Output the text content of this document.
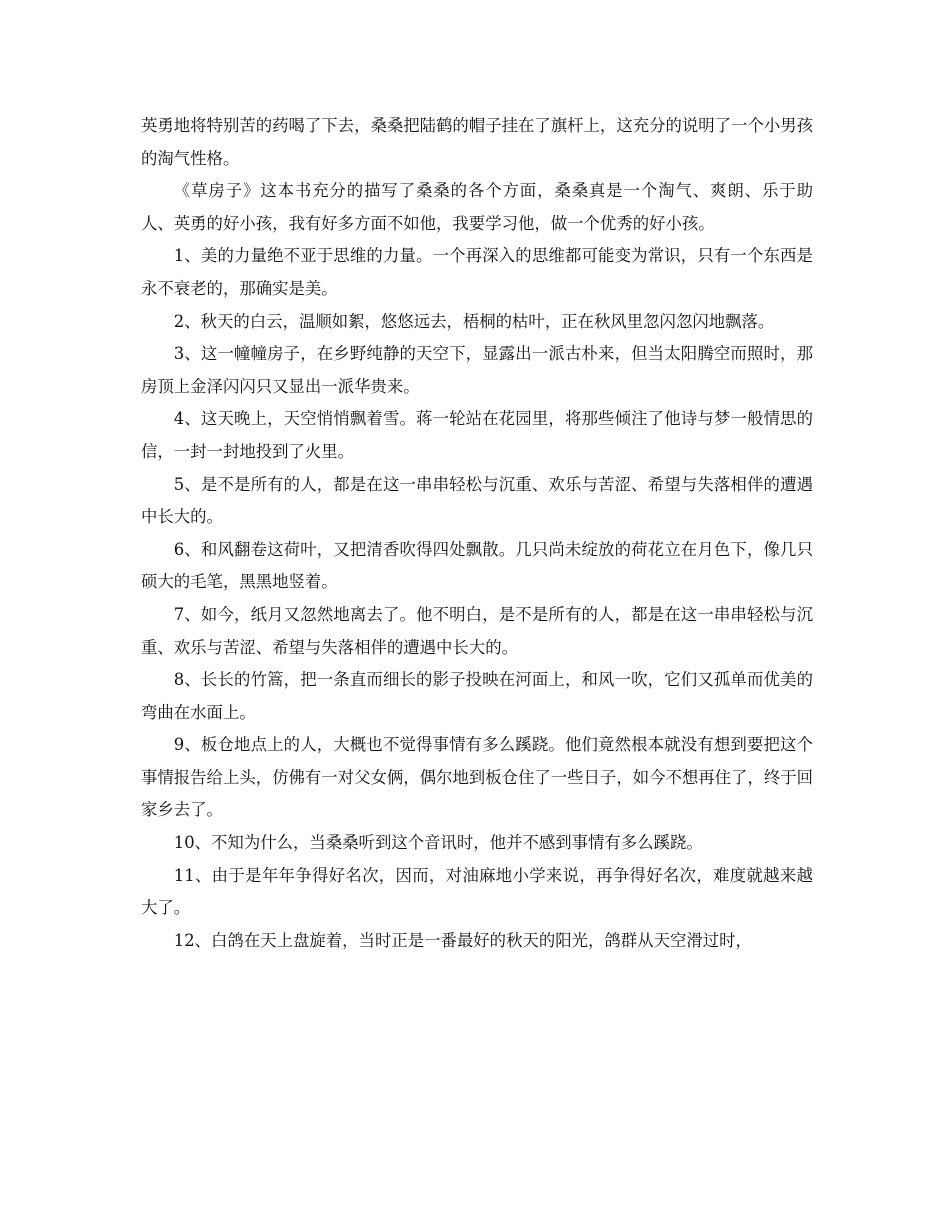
英勇地将特别苦的药喝了下去，桑桑把陆鹤的帽子挂在了旗杆上，这充分的说明了一个小男孩的淘气性格。

《草房子》这本书充分的描写了桑桑的各个方面，桑桑真是一个淘气、爽朗、乐于助人、英勇的好小孩，我有好多方面不如他，我要学习他，做一个优秀的好小孩。

1、美的力量绝不亚于思维的力量。一个再深入的思维都可能变为常识，只有一个东西是永不衰老的，那确实是美。

2、秋天的白云，温顺如絮，悠悠远去，梧桐的枯叶，正在秋风里忽闪忽闪地飘落。

3、这一幢幢房子，在乡野纯静的天空下，显露出一派古朴来，但当太阳腾空而照时，那房顶上金泽闪闪只又显出一派华贵来。

4、这天晚上，天空悄悄飘着雪。蒋一轮站在花园里，将那些倾注了他诗与梦一般情思的信，一封一封地投到了火里。

5、是不是所有的人，都是在这一串串轻松与沉重、欢乐与苦涩、希望与失落相伴的遭遇中长大的。

6、和风翻卷这荷叶，又把清香吹得四处飘散。几只尚未绽放的荷花立在月色下，像几只硕大的毛笔，黑黑地竖着。

7、如今，纸月又忽然地离去了。他不明白，是不是所有的人，都是在这一串串轻松与沉重、欢乐与苦涩、希望与失落相伴的遭遇中长大的。

8、长长的竹篙，把一条直而细长的影子投映在河面上，和风一吹，它们又孤单而优美的弯曲在水面上。

9、板仓地点上的人，大概也不觉得事情有多么蹊跷。他们竟然根本就没有想到要把这个事情报告给上头，仿佛有一对父女俩，偶尔地到板仓住了一些日子，如今不想再住了，终于回家乡去了。

10、不知为什么，当桑桑听到这个音讯时，他并不感到事情有多么蹊跷。

11、由于是年年争得好名次，因而，对油麻地小学来说，再争得好名次，难度就越来越大了。

12、白鸽在天上盘旋着，当时正是一番最好的秋天的阳光，鸽群从天空滑过时，
